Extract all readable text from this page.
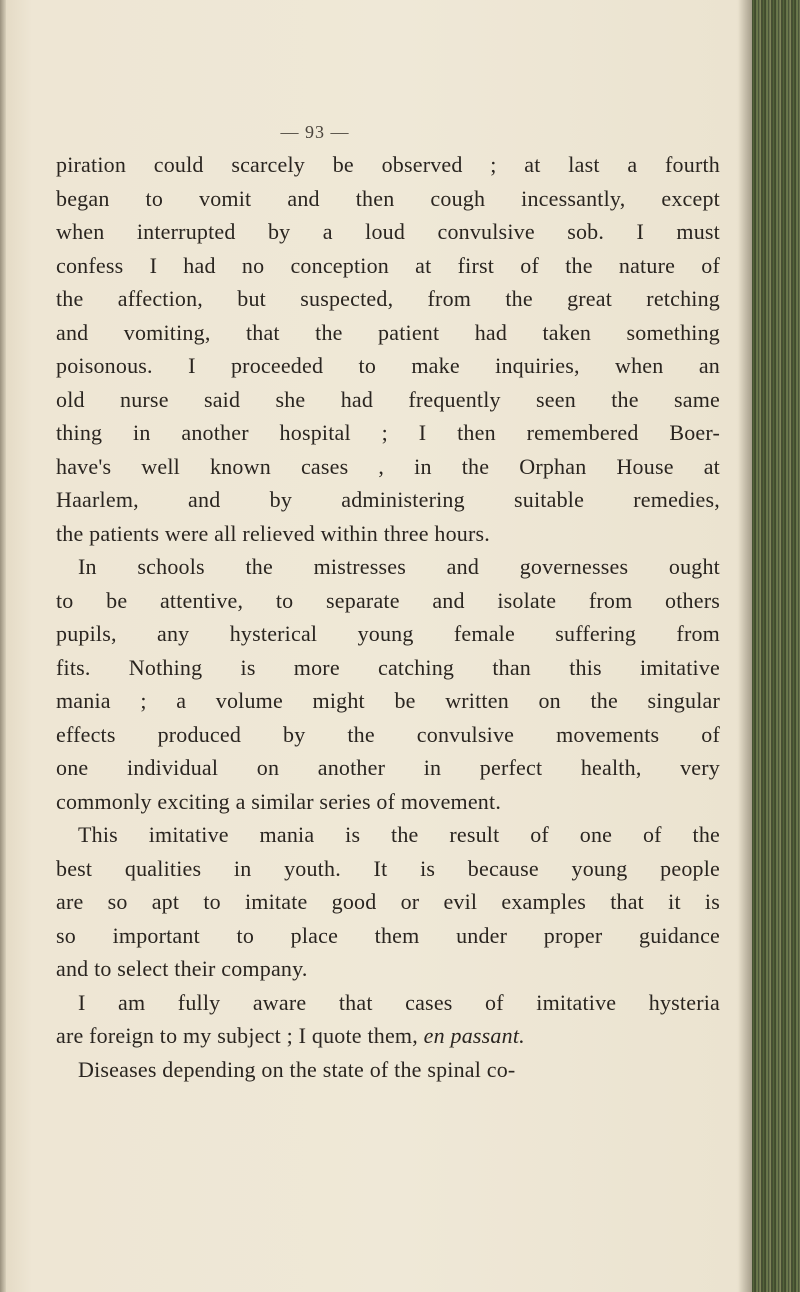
— 93 —
piration could scarcely be observed ; at last a fourth
began to vomit and then cough incessantly, except
when interrupted by a loud convulsive sob. I must
confess I had no conception at first of the nature of
the affection, but suspected, from the great retching
and vomiting, that the patient had taken something
poisonous. I proceeded to make inquiries, when an
old nurse said she had frequently seen the same
thing in another hospital ; I then remembered Boer-
have's well known cases , in the Orphan House at
Haarlem, and by administering suitable remedies,
the patients were all relieved within three hours.
In schools the mistresses and governesses ought
to be attentive, to separate and isolate from others
pupils, any hysterical young female suffering from
fits. Nothing is more catching than this imitative
mania ; a volume might be written on the singular
effects produced by the convulsive movements of
one individual on another in perfect health, very
commonly exciting a similar series of movement.
This imitative mania is the result of one of the
best qualities in youth. It is because young people
are so apt to imitate good or evil examples that it is
so important to place them under proper guidance
and to select their company.
I am fully aware that cases of imitative hysteria
are foreign to my subject ; I quote them, en passant.
Diseases depending on the state of the spinal co-
